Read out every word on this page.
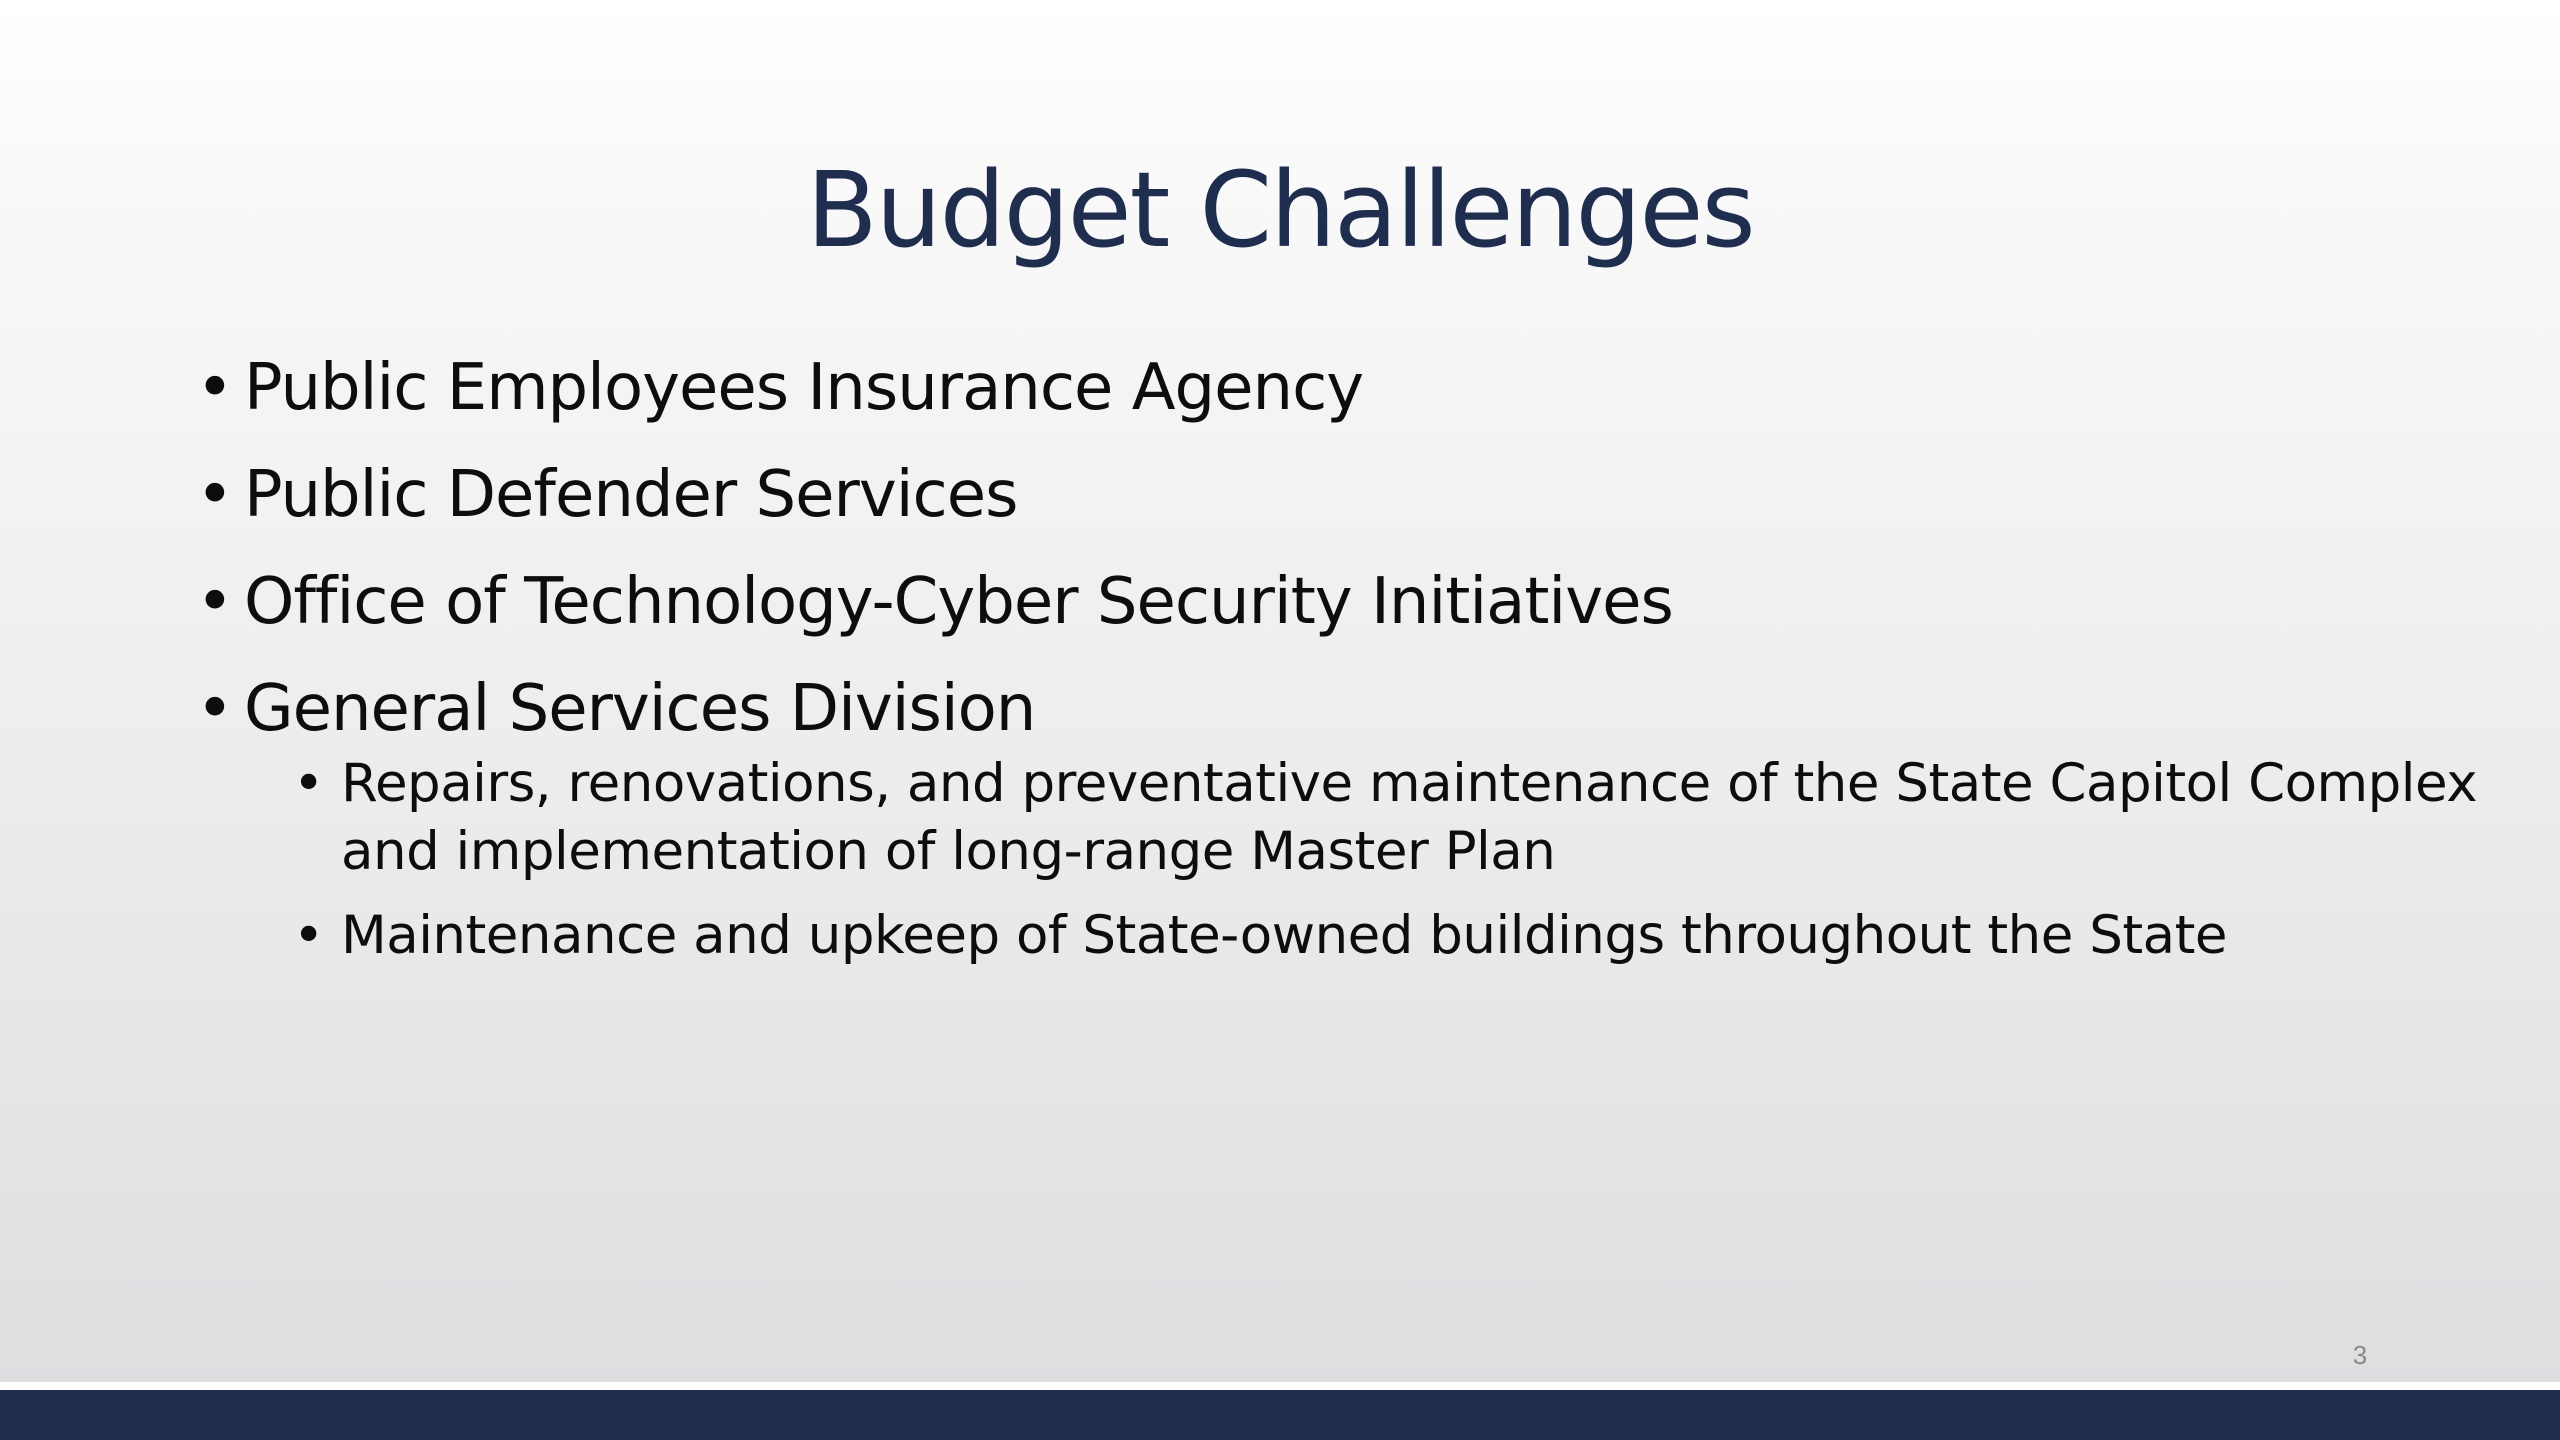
Budget Challenges
• Public Employees Insurance Agency
• Public Defender Services
• Office of Technology-Cyber Security Initiatives
• General Services Division
• Repairs, renovations, and preventative maintenance of the State Capitol Complex and implementation of long-range Master Plan
• Maintenance and upkeep of State-owned buildings throughout the State
3
